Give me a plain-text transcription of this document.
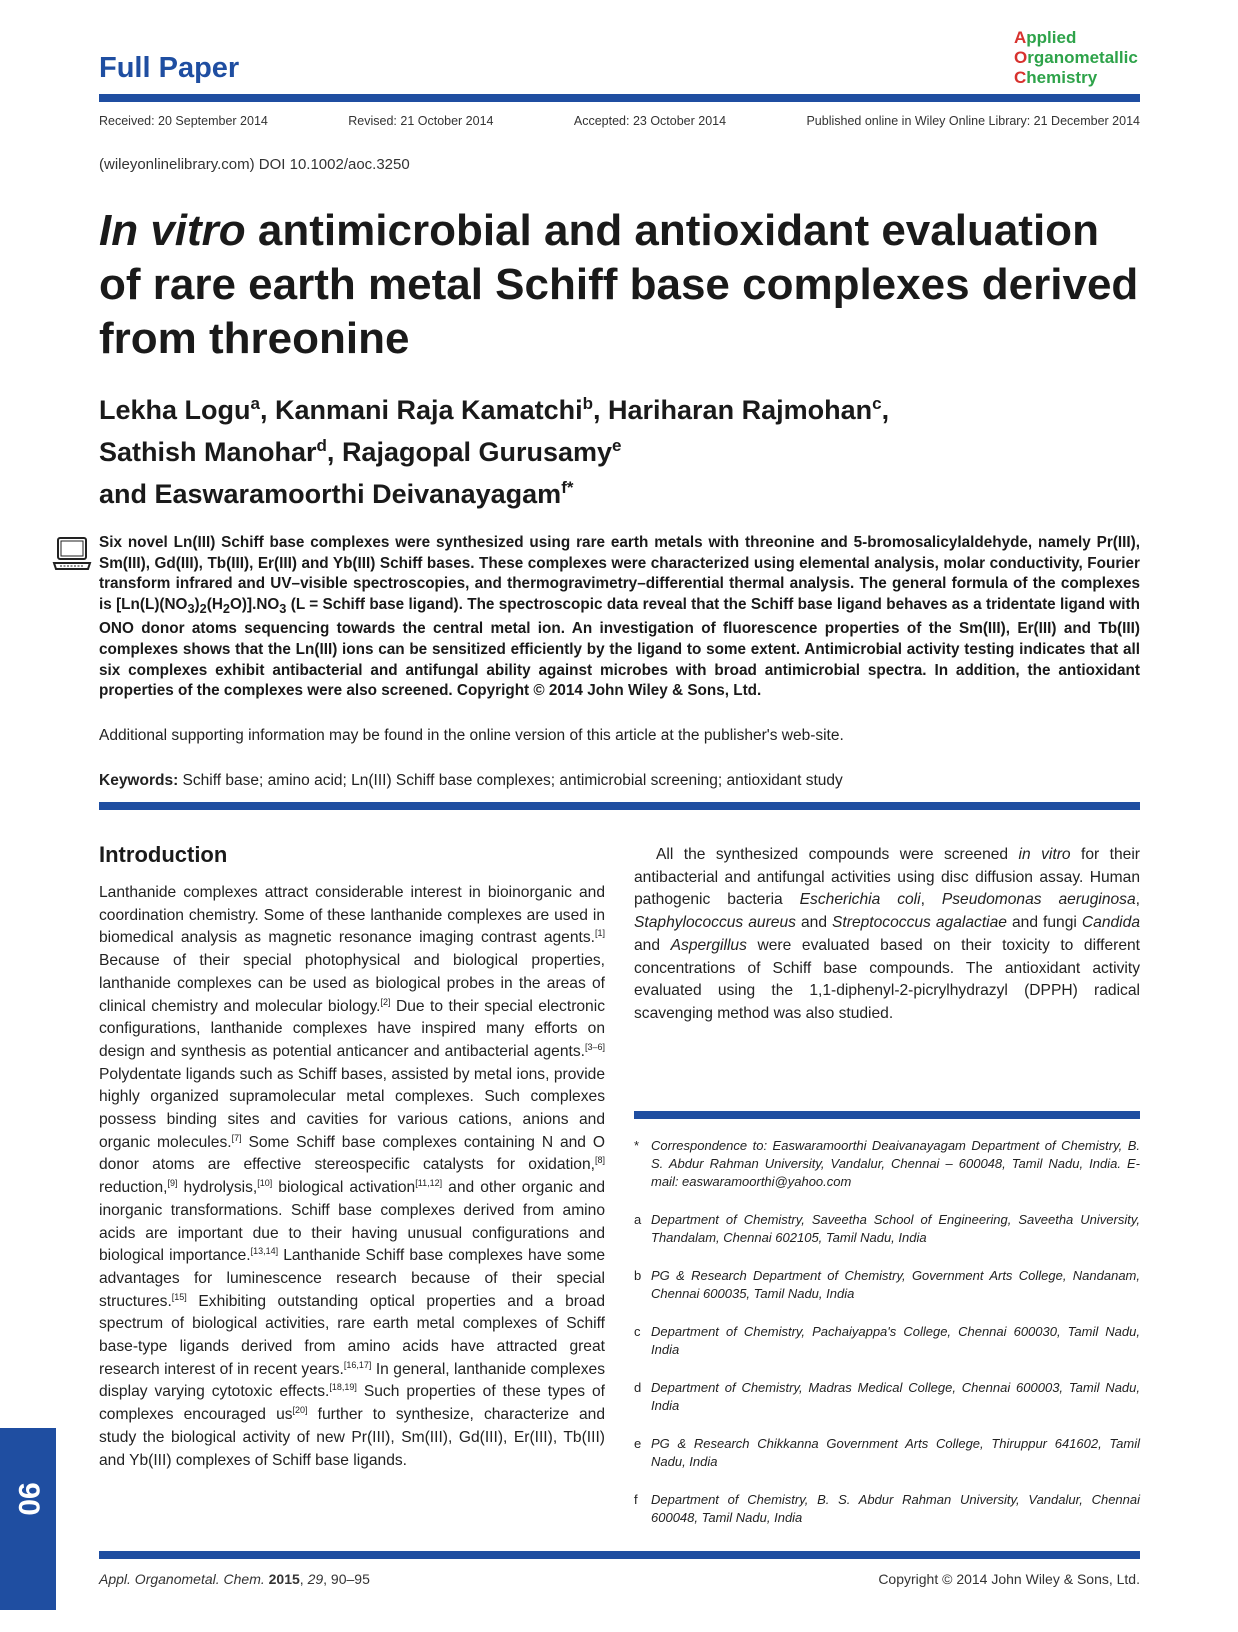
Full Paper
Applied
Organometallic
Chemistry
Received: 20 September 2014	Revised: 21 October 2014	Accepted: 23 October 2014	Published online in Wiley Online Library: 21 December 2014
(wileyonlinelibrary.com) DOI 10.1002/aoc.3250
In vitro antimicrobial and antioxidant evaluation of rare earth metal Schiff base complexes derived from threonine
Lekha Logu$^a$, Kanmani Raja Kamatchi$^b$, Hariharan Rajmohan$^c$,
Sathish Manohar$^d$, Rajagopal Gurusamy$^e$
and Easwaramoorthi Deivanayagam$^{f*}$
Six novel Ln(III) Schiff base complexes were synthesized using rare earth metals with threonine and 5-bromosalicylaldehyde, namely Pr(III), Sm(III), Gd(III), Tb(III), Er(III) and Yb(III) Schiff bases. These complexes were characterized using elemental analysis, molar conductivity, Fourier transform infrared and UV–visible spectroscopies, and thermogravimetry–differential thermal analysis. The general formula of the complexes is $[Ln(L)(NO_3)_2(H_2O)].NO_3$ (L = Schiff base ligand). The spectroscopic data reveal that the Schiff base ligand behaves as a tridentate ligand with ONO donor atoms sequencing towards the central metal ion. An investigation of fluorescence properties of the Sm(III), Er(III) and Tb(III) complexes shows that the Ln(III) ions can be sensitized efficiently by the ligand to some extent. Antimicrobial activity testing indicates that all six complexes exhibit antibacterial and antifungal ability against microbes with broad antimicrobial spectra. In addition, the antioxidant properties of the complexes were also screened. Copyright © 2014 John Wiley & Sons, Ltd.
Additional supporting information may be found in the online version of this article at the publisher's web-site.
Keywords: Schiff base; amino acid; Ln(III) Schiff base complexes; antimicrobial screening; antioxidant study
Introduction
Lanthanide complexes attract considerable interest in bioinorganic and coordination chemistry. Some of these lanthanide complexes are used in biomedical analysis as magnetic resonance imaging contrast agents.[1] Because of their special photophysical and biological properties, lanthanide complexes can be used as biological probes in the areas of clinical chemistry and molecular biology.[2] Due to their special electronic configurations, lanthanide complexes have inspired many efforts on design and synthesis as potential anticancer and antibacterial agents.[3–6] Polydentate ligands such as Schiff bases, assisted by metal ions, provide highly organized supramolecular metal complexes. Such complexes possess binding sites and cavities for various cations, anions and organic molecules.[7] Some Schiff base complexes containing N and O donor atoms are effective stereospecific catalysts for oxidation,[8] reduction,[9] hydrolysis,[10] biological activation[11,12] and other organic and inorganic transformations. Schiff base complexes derived from amino acids are important due to their having unusual configurations and biological importance.[13,14] Lanthanide Schiff base complexes have some advantages for luminescence research because of their special structures.[15] Exhibiting outstanding optical properties and a broad spectrum of biological activities, rare earth metal complexes of Schiff base-type ligands derived from amino acids have attracted great research interest of in recent years.[16,17] In general, lanthanide complexes display varying cytotoxic effects.[18,19] Such properties of these types of complexes encouraged us[20] further to synthesize, characterize and study the biological activity of new Pr(III), Sm(III), Gd(III), Er(III), Tb(III) and Yb(III) complexes of Schiff base ligands.
All the synthesized compounds were screened in vitro for their antibacterial and antifungal activities using disc diffusion assay. Human pathogenic bacteria Escherichia coli, Pseudomonas aeruginosa, Staphylococcus aureus and Streptococcus agalactiae and fungi Candida and Aspergillus were evaluated based on their toxicity to different concentrations of Schiff base compounds. The antioxidant activity evaluated using the 1,1-diphenyl-2-picrylhydrazyl (DPPH) radical scavenging method was also studied.
* Correspondence to: Easwaramoorthi Deaivanayagam Department of Chemistry, B. S. Abdur Rahman University, Vandalur, Chennai – 600048, Tamil Nadu, India. E-mail: easwaramoorthi@yahoo.com
a Department of Chemistry, Saveetha School of Engineering, Saveetha University, Thandalam, Chennai 602105, Tamil Nadu, India
b PG & Research Department of Chemistry, Government Arts College, Nandanam, Chennai 600035, Tamil Nadu, India
c Department of Chemistry, Pachaiyappa's College, Chennai 600030, Tamil Nadu, India
d Department of Chemistry, Madras Medical College, Chennai 600003, Tamil Nadu, India
e PG & Research Chikkanna Government Arts College, Thiruppur 641602, Tamil Nadu, India
f	Department of Chemistry, B. S. Abdur Rahman University, Vandalur, Chennai 600048, Tamil Nadu, India
90
Appl. Organometal. Chem. 2015, 29, 90–95	Copyright © 2014 John Wiley & Sons, Ltd.
